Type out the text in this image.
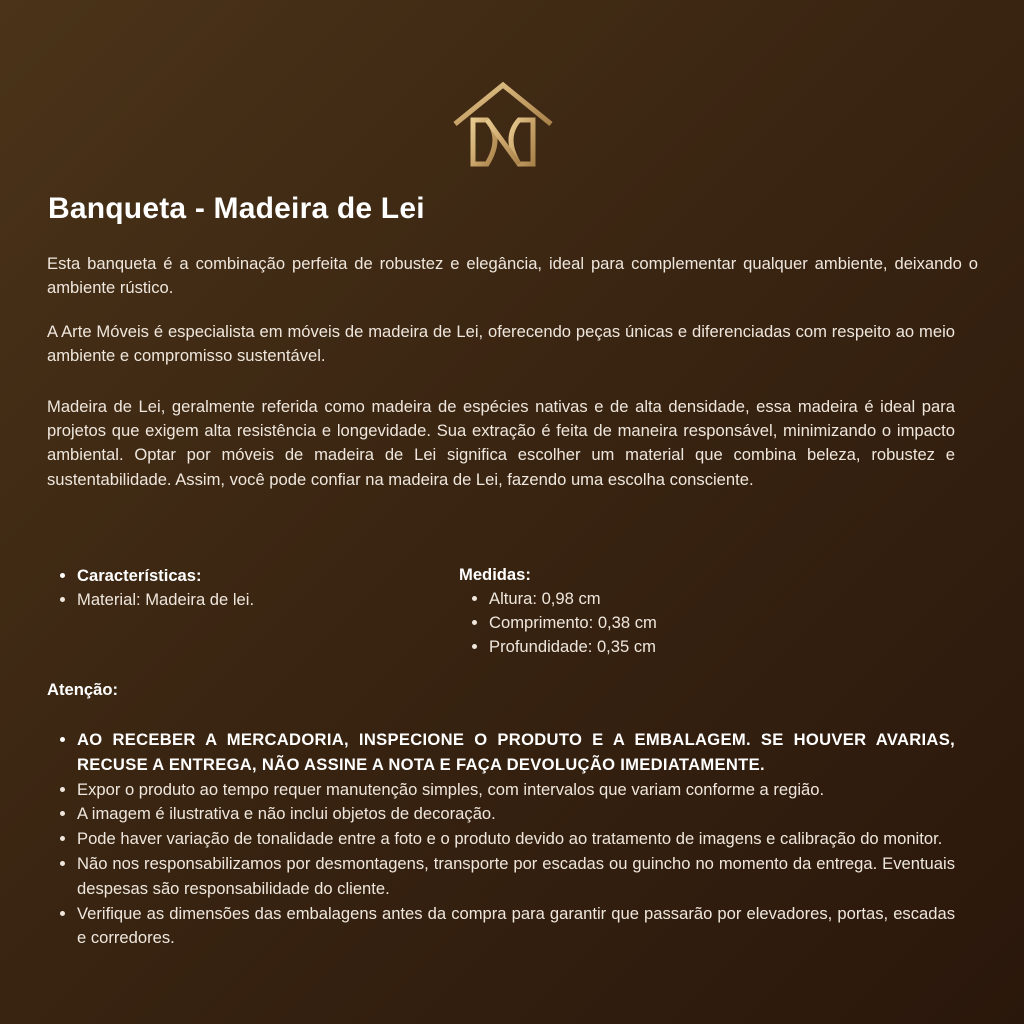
Banqueta - Madeira de Lei

Esta banqueta é a combinação perfeita de robustez e elegância, ideal para complementar qualquer ambiente, deixando o ambiente rústico.

A Arte Móveis é especialista em móveis de madeira de Lei, oferecendo peças únicas e diferenciadas com respeito ao meio ambiente e compromisso sustentável.

Madeira de Lei, geralmente referida como madeira de espécies nativas e de alta densidade, essa madeira é ideal para projetos que exigem alta resistência e longevidade. Sua extração é feita de maneira responsável, minimizando o impacto ambiental. Optar por móveis de madeira de Lei significa escolher um material que combina beleza, robustez e sustentabilidade. Assim, você pode confiar na madeira de Lei, fazendo uma escolha consciente.

• Características:
• Material: Madeira de lei.
Medidas:
• Altura: 0,98 cm
• Comprimento: 0,38 cm
• Profundidade: 0,35 cm

Atenção:

• AO RECEBER A MERCADORIA, INSPECIONE O PRODUTO E A EMBALAGEM. SE HOUVER AVARIAS, RECUSE A ENTREGA, NÃO ASSINE A NOTA E FAÇA DEVOLUÇÃO IMEDIATAMENTE.
• Expor o produto ao tempo requer manutenção simples, com intervalos que variam conforme a região.
• A imagem é ilustrativa e não inclui objetos de decoração.
• Pode haver variação de tonalidade entre a foto e o produto devido ao tratamento de imagens e calibração do monitor.
• Não nos responsabilizamos por desmontagens, transporte por escadas ou guincho no momento da entrega. Eventuais despesas são responsabilidade do cliente.
• Verifique as dimensões das embalagens antes da compra para garantir que passarão por elevadores, portas, escadas e corredores.
